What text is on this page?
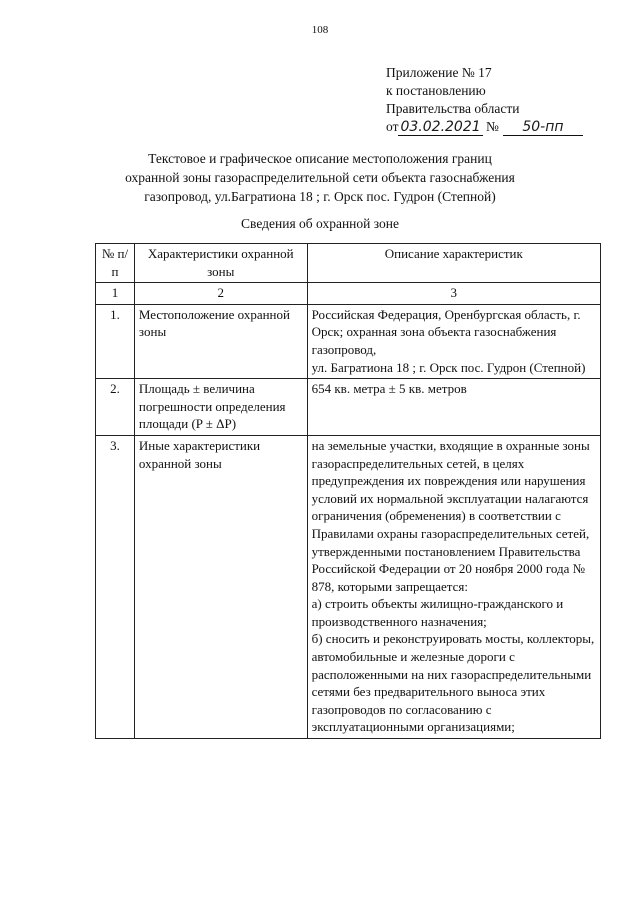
108
Приложение № 17
к постановлению
Правительства области
от 03.02.2021 № 50-пп
Текстовое и графическое описание местоположения границ
охранной зоны газораспределительной сети объекта газоснабжения
газопровод, ул.Багратиона 18 ; г. Орск пос. Гудрон (Степной)
Сведения об охранной зоне
№ п/п	Характеристики охранной зоны	Описание характеристик
1	2	3
1.	Местоположение охранной зоны	Российская Федерация, Оренбургская область, г. Орск; охранная зона объекта газоснабжения газопровод,
ул. Багратиона 18 ; г. Орск пос. Гудрон (Степной)

2.	Площадь ± величина погрешности определения площади (P ± ΔP)	654 кв. метра ± 5 кв. метров

3.	Иные характеристики охранной зоны	на земельные участки, входящие в охранные зоны газораспределительных сетей, в целях предупреждения их повреждения или нарушения условий их нормальной эксплуатации налагаются ограничения (обременения) в соответствии с Правилами охраны газораспределительных сетей, утвержденными постановлением Правительства Российской Федерации от 20 ноября 2000 года № 878, которыми запрещается:
а) строить объекты жилищно-гражданского и производственного назначения;
б) сносить и реконструировать мосты, коллекторы, автомобильные и железные дороги с расположенными на них газораспределительными сетями без предварительного выноса этих газопроводов по согласованию с эксплуатационными организациями;
